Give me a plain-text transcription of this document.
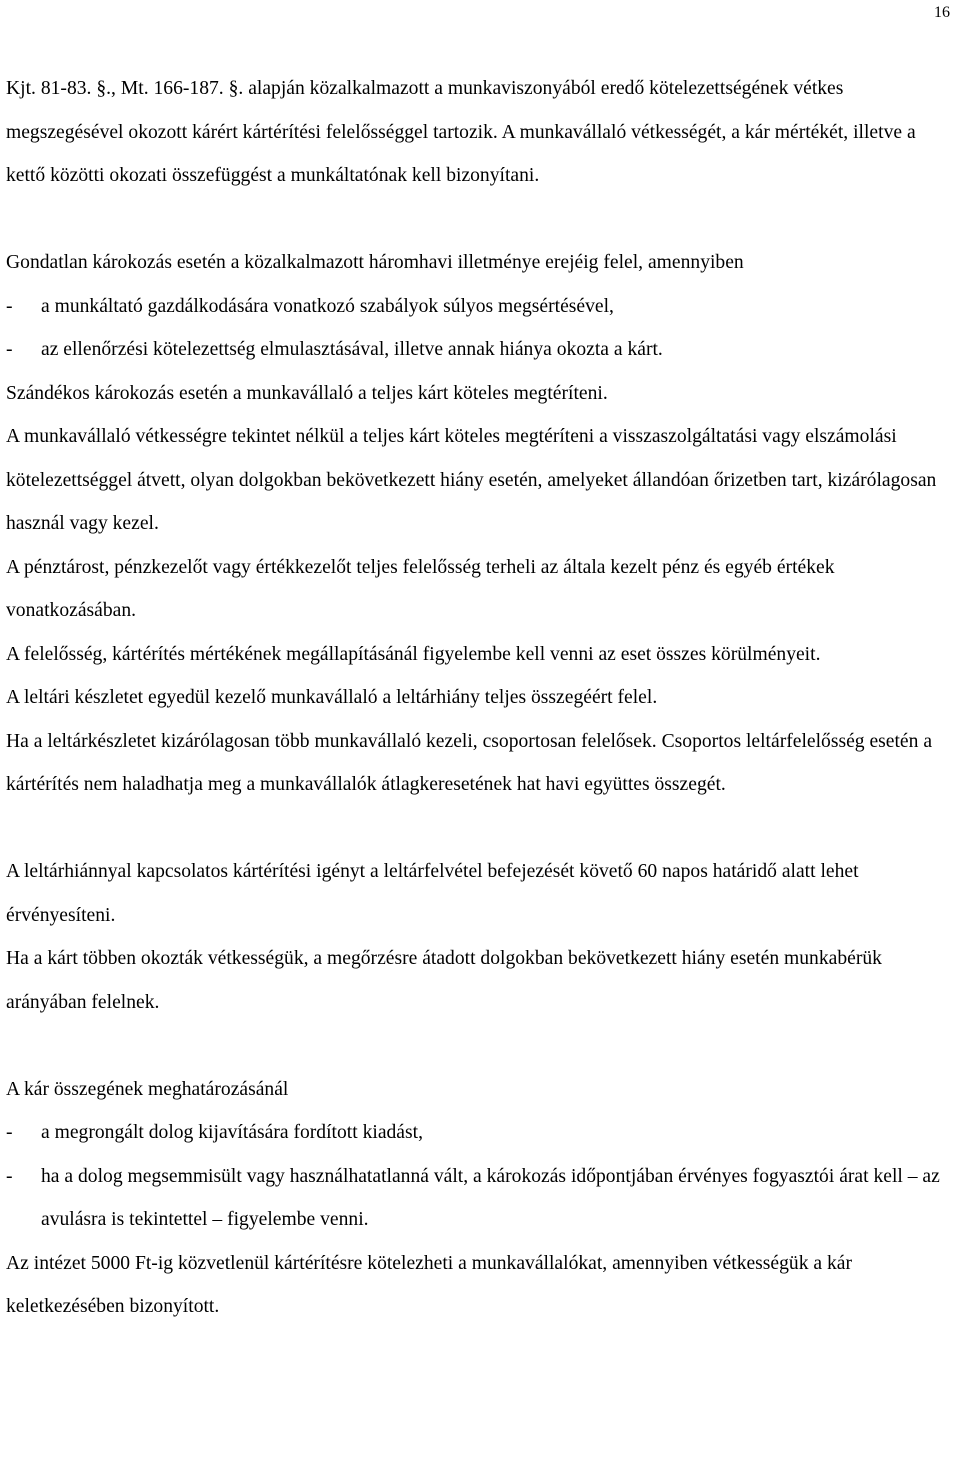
16

Kjt. 81-83. §., Mt. 166-187. §. alapján közalkalmazott a munkaviszonyából eredő kötelezettségének vétkes megszegésével okozott kárért kártérítési felelősséggel tartozik. A munkavállaló vétkességét, a kár mértékét, illetve a kettő közötti okozati összefüggést a munkáltatónak kell bizonyítani.

Gondatlan károkozás esetén a közalkalmazott háromhavi illetménye erejéig felel, amennyiben

-	a munkáltató gazdálkodására vonatkozó szabályok súlyos megsértésével,
-	az ellenőrzési kötelezettség elmulasztásával, illetve annak hiánya okozta a kárt.

Szándékos károkozás esetén a munkavállaló a teljes kárt köteles megtéríteni.

A munkavállaló vétkességre tekintet nélkül a teljes kárt köteles megtéríteni a visszaszolgáltatási vagy elszámolási kötelezettséggel átvett, olyan dolgokban bekövetkezett hiány esetén, amelyeket állandóan őrizetben tart, kizárólagosan használ vagy kezel.

A pénztárost, pénzkezelőt vagy értékkezelőt teljes felelősség terheli az általa kezelt pénz és egyéb értékek vonatkozásában.

A felelősség, kártérítés mértékének megállapításánál figyelembe kell venni az eset összes körülményeit.

A leltári készletet egyedül kezelő munkavállaló a leltárhiány teljes összegéért felel.

Ha a leltárkészletet kizárólagosan több munkavállaló kezeli, csoportosan felelősek. Csoportos leltárfelelősség esetén a kártérítés nem haladhatja meg a munkavállalók átlagkeresetének hat havi együttes összegét.

A leltárhiánnyal kapcsolatos kártérítési igényt a leltárfelvétel befejezését követő 60 napos határidő alatt lehet érvényesíteni.

Ha a kárt többen okozták vétkességük, a megőrzésre átadott dolgokban bekövetkezett hiány esetén munkabérük arányában felelnek.

A kár összegének meghatározásánál

-	a megrongált dolog kijavítására fordított kiadást,
-	ha a dolog megsemmisült vagy használhatatlanná vált, a károkozás időpontjában érvényes fogyasztói árat kell – az avulásra is tekintettel – figyelembe venni.

Az intézet 5000 Ft-ig közvetlenül kártérítésre kötelezheti a munkavállalókat, amennyiben vétkességük a kár keletkezésében bizonyított.
